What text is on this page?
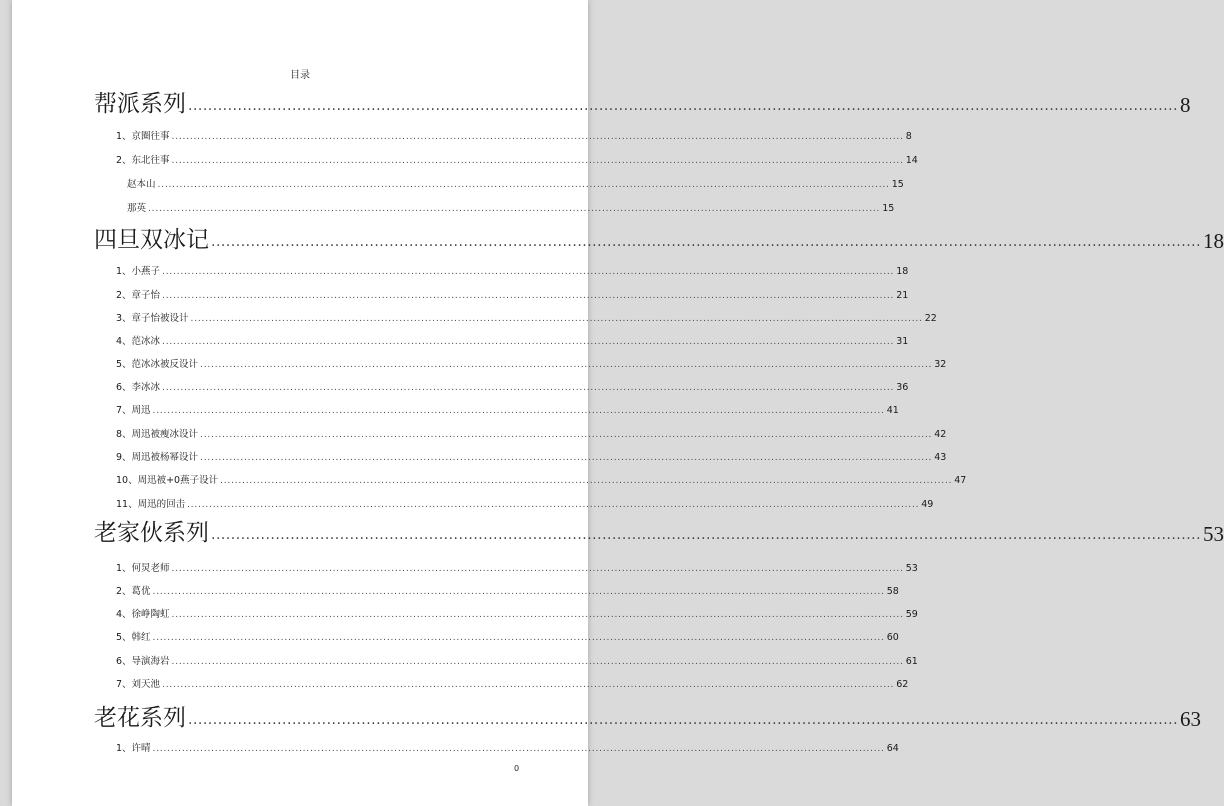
目录
帮派系列 ........................................................................................................................................................................................................ 8
1、京圈往事 ........................................................................................................................................................................................................ 8
2、东北往事 ........................................................................................................................................................................................................ 14
赵本山 ........................................................................................................................................................................................................ 15
那英 ........................................................................................................................................................................................................ 15
四旦双冰记 ........................................................................................................................................................................................................ 18
1、小燕子 ........................................................................................................................................................................................................ 18
2、章子怡 ........................................................................................................................................................................................................ 21
3、章子怡被设计 ........................................................................................................................................................................................................ 22
4、范冰冰 ........................................................................................................................................................................................................ 31
5、范冰冰被反设计 ........................................................................................................................................................................................................ 32
6、李冰冰 ........................................................................................................................................................................................................ 36
7、周迅 ........................................................................................................................................................................................................ 41
8、周迅被瘦冰设计 ........................................................................................................................................................................................................ 42
9、周迅被杨幂设计 ........................................................................................................................................................................................................ 43
10、周迅被+0燕子设计 ........................................................................................................................................................................................................ 47
11、周迅的回击 ........................................................................................................................................................................................................ 49
老家伙系列 ........................................................................................................................................................................................................ 53
1、何炅老师 ........................................................................................................................................................................................................ 53
2、葛优 ........................................................................................................................................................................................................ 58
4、徐峥陶虹 ........................................................................................................................................................................................................ 59
5、韩红 ........................................................................................................................................................................................................ 60
6、导演海岩 ........................................................................................................................................................................................................ 61
7、刘天池 ........................................................................................................................................................................................................ 62
老花系列 ........................................................................................................................................................................................................ 63
1、许晴 ........................................................................................................................................................................................................ 64
0
